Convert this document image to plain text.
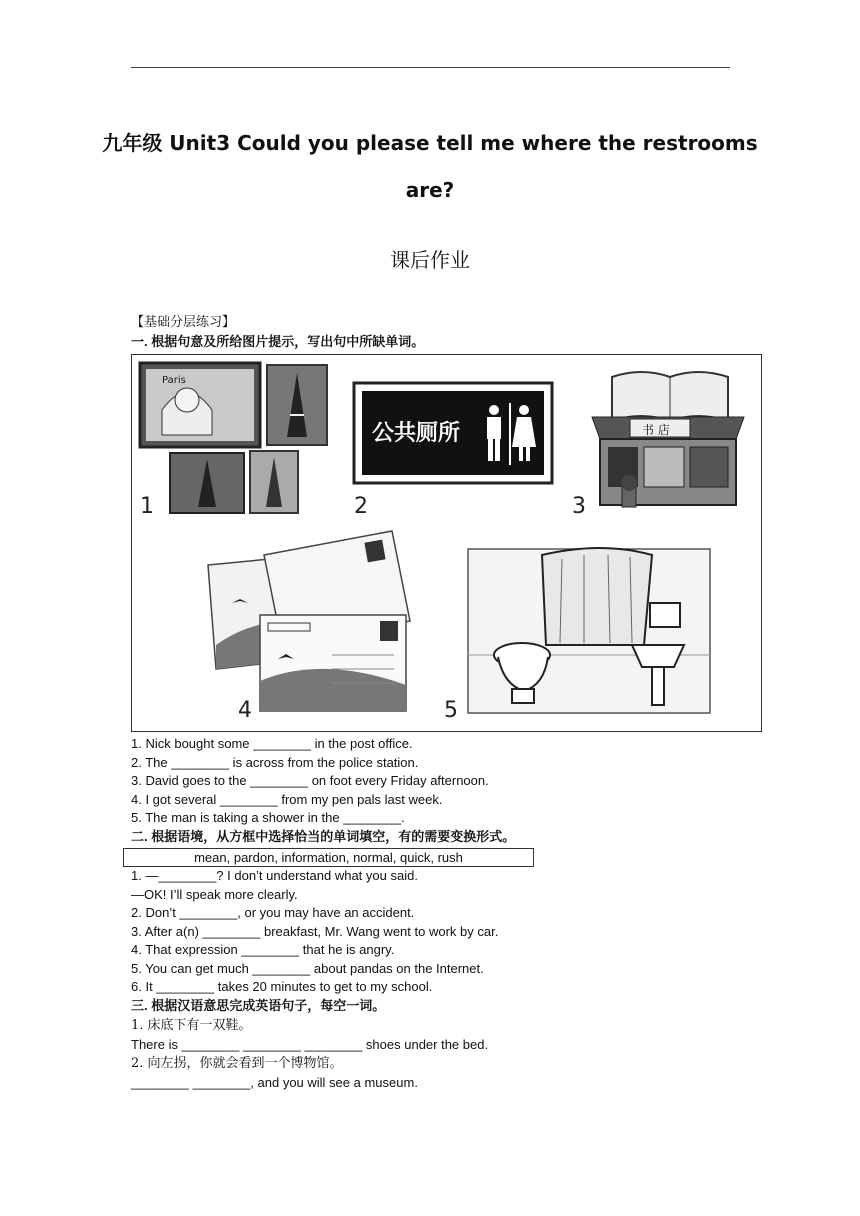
九年级 Unit3 Could you please tell me where the restrooms
are?
课后作业
【基础分层练习】
一. 根据句意及所给图片提示，写出句中所缺单词。
Paris
1
公共厕所
2
书 店
3
4	5
1. Nick bought some ________ in the post office.
2. The ________ is across from the police station.
3. David goes to the ________ on foot every Friday afternoon.
4. I got several ________ from my pen pals last week.
5. The man is taking a shower in the ________.
二. 根据语境，从方框中选择恰当的单词填空，有的需要变换形式。
mean, pardon, information, normal, quick, rush
1. —________? I don’t understand what you said.
—OK! I’ll speak more clearly.
2. Don’t ________, or you may have an accident.
3. After a(n) ________ breakfast, Mr. Wang went to work by car.
4. That expression ________ that he is angry.
5. You can get much ________ about pandas on the Internet.
6. It ________ takes 20 minutes to get to my school.
三. 根据汉语意思完成英语句子，每空一词。
1. 床底下有一双鞋。
There is ________ ________ ________ shoes under the bed.
2. 向左拐，你就会看到一个博物馆。
________ ________, and you will see a museum.
